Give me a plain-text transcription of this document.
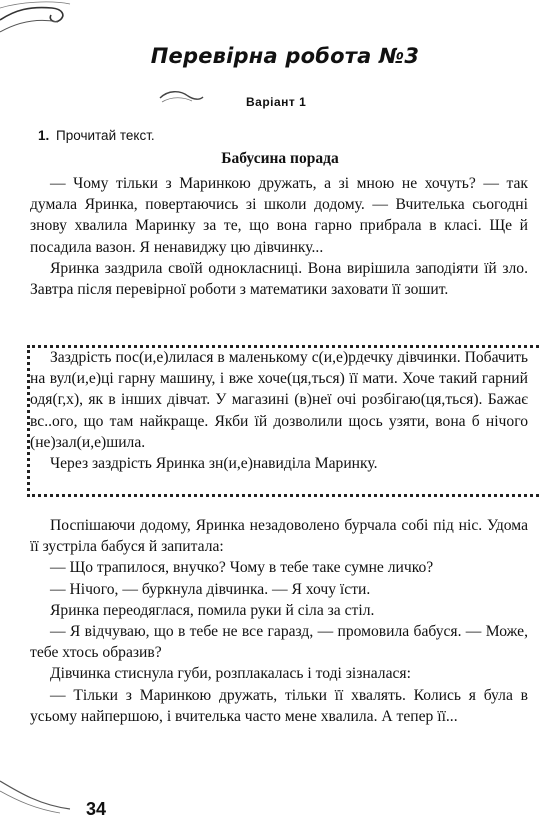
Перевірна робота №3
Варіант 1
1. Прочитай текст.
Бабусина порада

— Чому тільки з Маринкою дружать, а зі мною не хочуть? — так думала Яринка, повертаючись зі школи додому. — Вчителька сьогодні знову хвалила Маринку за те, що вона гарно прибрала в класі. Ще й посадила вазон. Я ненавиджу цю дівчинку...

Яринка заздрила своїй однокласниці. Вона вирішила заподіяти їй зло. Завтра після перевірної роботи з математики заховати її зошит.

Заздрість пос(и,е)лилася в маленькому с(и,е)рдечку дівчинки. Побачить на вул(и,е)ці гарну машину, і вже хоче(ця,ться) її мати. Хоче такий гарний одя(г,х), як в інших дівчат. У магазині (в)неї очі розбігаю(ця,ться). Бажає вс..ого, що там найкраще. Якби їй дозволили щось узяти, вона б нічого (не)зал(и,е)шила.

Через заздрість Яринка зн(и,е)навиділа Маринку.

Поспішаючи додому, Яринка незадоволено бурчала собі під ніс. Удома її зустріла бабуся й запитала:

— Що трапилося, внучко? Чому в тебе таке сумне личко?

— Нічого, — буркнула дівчинка. — Я хочу їсти.

Яринка переодяглася, помила руки й сіла за стіл.

— Я відчуваю, що в тебе не все гаразд, — промовила бабуся. — Може, тебе хтось образив?

Дівчинка стиснула губи, розплакалась і тоді зізналася:

— Тільки з Маринкою дружать, тільки її хвалять. Колись я була в усьому найпершою, і вчителька часто мене хвалила. А тепер її...

34
